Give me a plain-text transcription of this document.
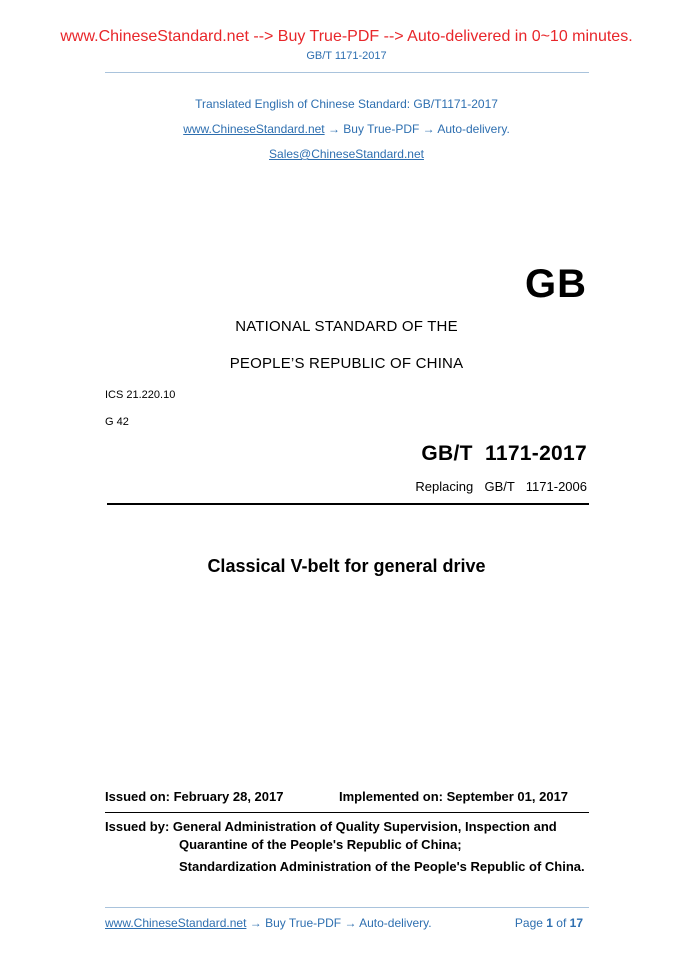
www.ChineseStandard.net --> Buy True-PDF --> Auto-delivered in 0~10 minutes.
GB/T 1171-2017
Translated English of Chinese Standard: GB/T1171-2017
www.ChineseStandard.net → Buy True-PDF → Auto-delivery.
Sales@ChineseStandard.net
GB
NATIONAL STANDARD OF THE
PEOPLE’S REPUBLIC OF CHINA
ICS 21.220.10
G 42
GB/T  1171-2017
Replacing  GB/T  1171-2006
Classical V-belt for general drive
Issued on: February 28, 2017	Implemented on: September 01, 2017
Issued by: General Administration of Quality Supervision, Inspection and
Quarantine of the People's Republic of China;
Standardization Administration of the People's Republic of China.
www.ChineseStandard.net → Buy True-PDF → Auto-delivery.	Page 1 of 17
